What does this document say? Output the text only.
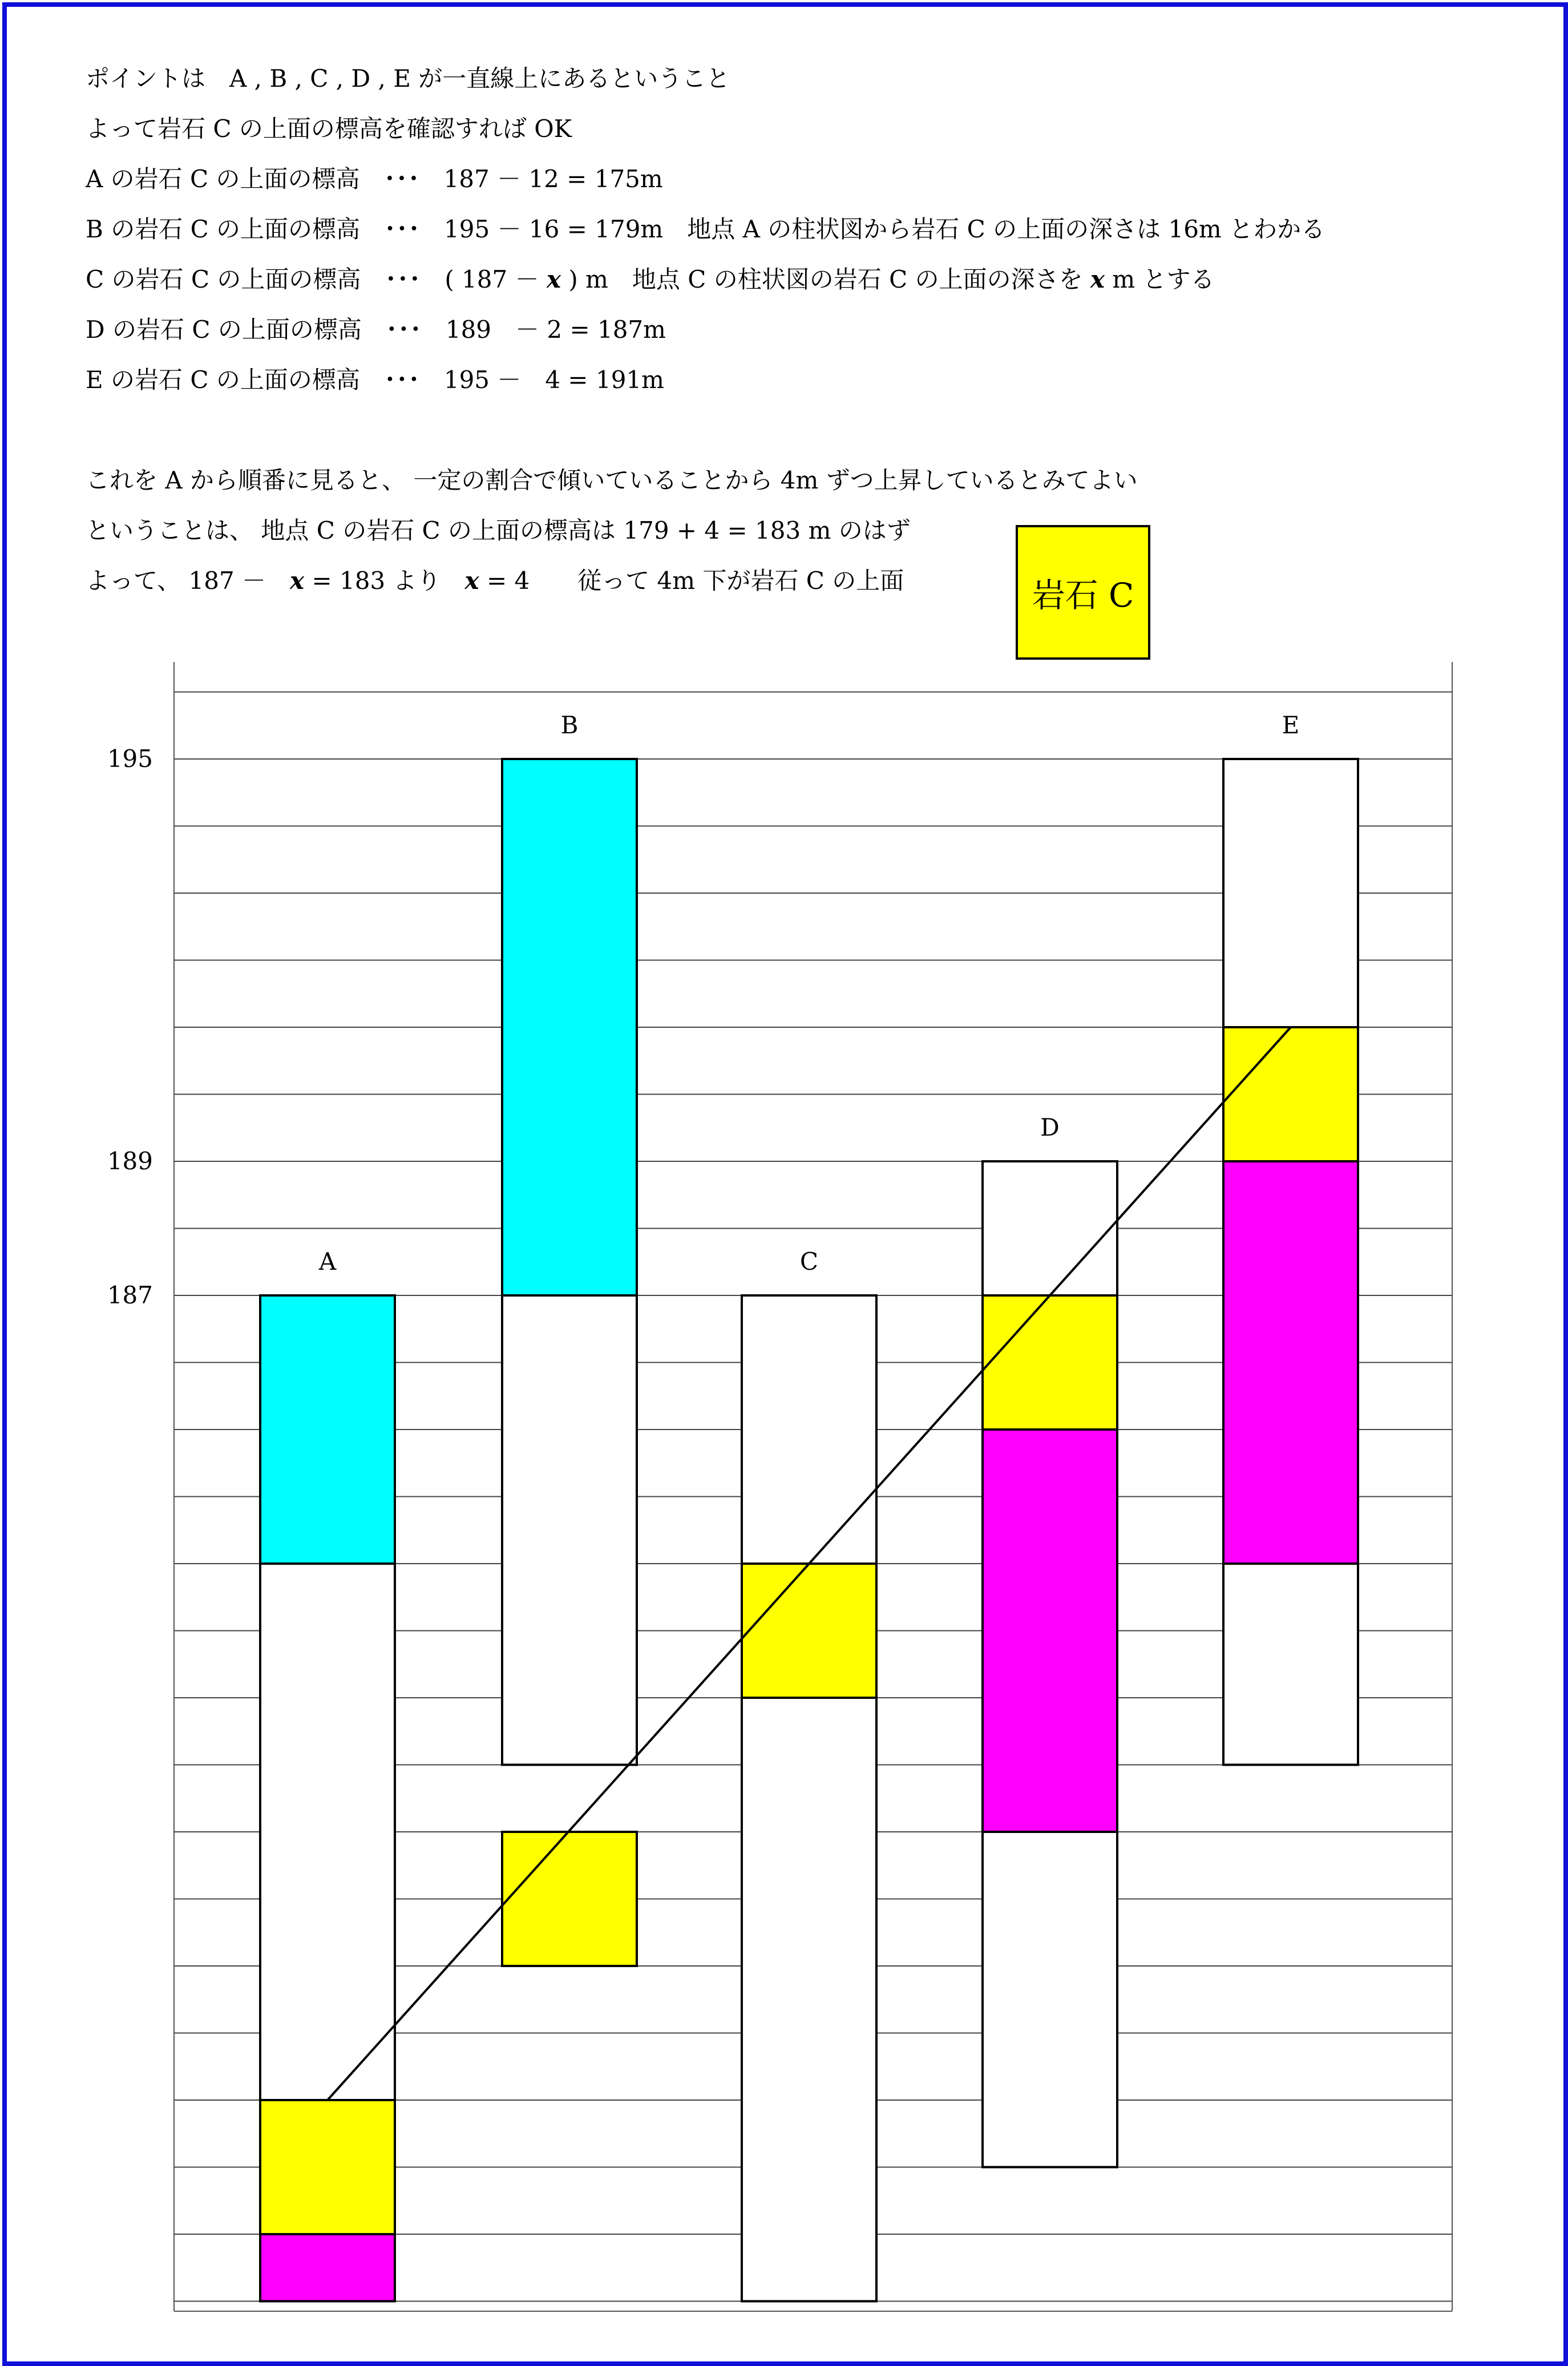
ポイントは　A , B , C , D , E が一直線上にあるということ
よって岩石 C の上面の標高を確認すれば OK
A の岩石 C の上面の標高　･･･　187 － 12 = 175m
B の岩石 C の上面の標高　･･･　195 － 16 = 179m　地点 A の柱状図から岩石 C の上面の深さは 16m とわかる
C の岩石 C の上面の標高　･･･　( 187 － x ) m　地点 C の柱状図の岩石 C の上面の深さを x m とする
D の岩石 C の上面の標高　･･･　189　－ 2 = 187m
E の岩石 C の上面の標高　･･･　195 －　4 = 191m
これを A から順番に見ると、 一定の割合で傾いていることから 4m ずつ上昇しているとみてよい
ということは、 地点 C の岩石 C の上面の標高は 179 + 4 = 183 m のはず
よって、 187 －　 x = 183 より　 x = 4　　従って 4m 下が岩石 C の上面	岩石 C
195
189
187
A
B
C
D
E
